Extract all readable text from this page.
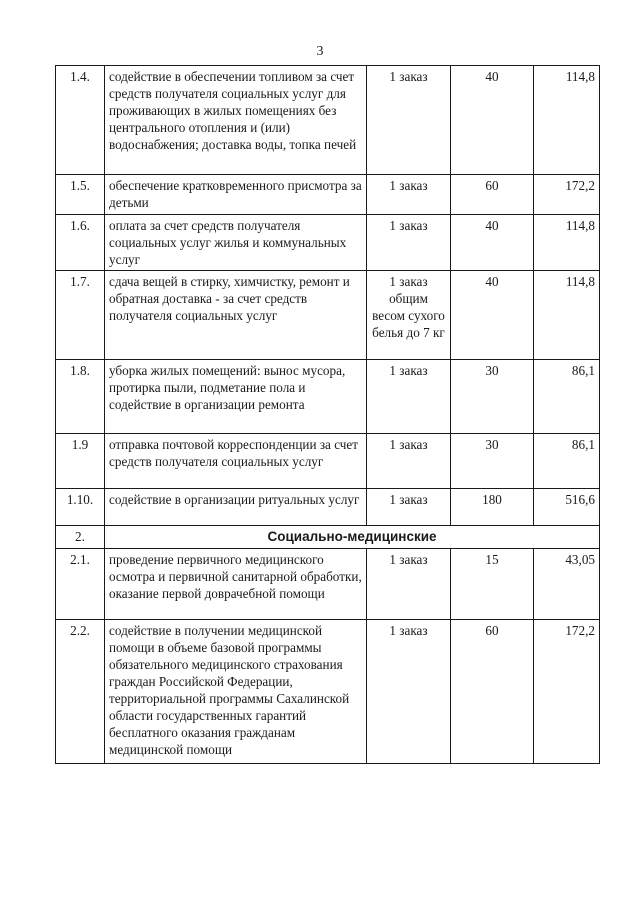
3
1.4.	содействие в обеспечении топливом за счет средств получателя социальных услуг для проживающих в жилых помещениях без центрального отопления и (или) водоснабжения; доставка воды, топка печей	1 заказ	40	114,8
1.5.	обеспечение кратковременного присмотра за детьми	1 заказ	60	172,2
1.6.	оплата за счет средств получателя социальных услуг жилья и коммунальных услуг	1 заказ	40	114,8
1.7.	сдача вещей в стирку, химчистку, ремонт и обратная доставка - за счет средств получателя социальных услуг	1 заказ общим весом сухого белья до 7 кг	40	114,8
1.8.	уборка жилых помещений: вынос мусора, протирка пыли, подметание пола и содействие в организации ремонта	1 заказ	30	86,1
1.9	отправка почтовой корреспонденции за счет средств получателя социальных услуг	1 заказ	30	86,1
1.10.	содействие в организации ритуальных услуг	1 заказ	180	516,6
2.	Социально-медицинские			
2.1.	проведение первичного медицинского осмотра и первичной санитарной обработки, оказание первой доврачебной помощи	1 заказ	15	43,05
2.2.	содействие в получении медицинской помощи в объеме базовой программы обязательного медицинского страхования граждан Российской Федерации, территориальной программы Сахалинской области государственных гарантий бесплатного оказания гражданам медицинской помощи	1 заказ	60	172,2
